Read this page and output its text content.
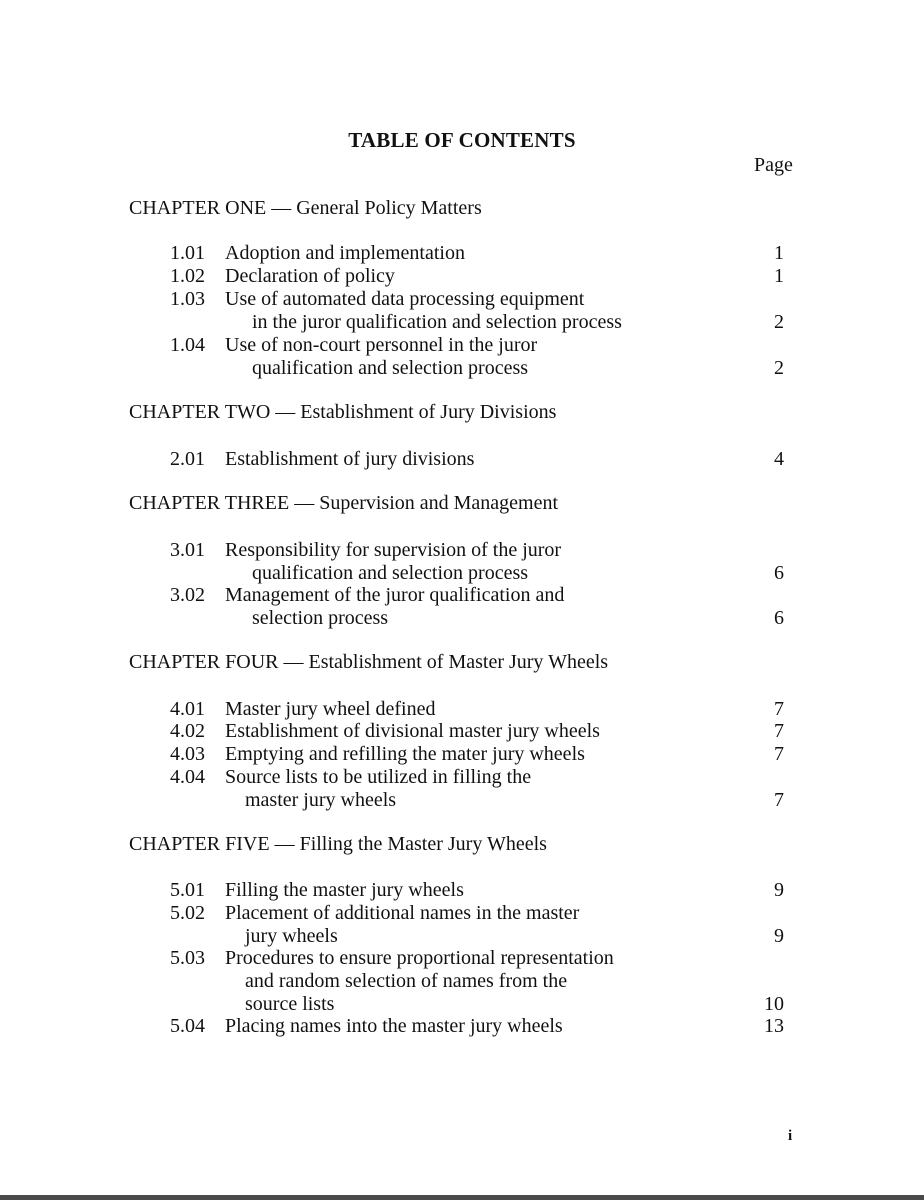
TABLE OF CONTENTS
Page
CHAPTER ONE — General Policy Matters
1.01 Adoption and implementation	1
1.02 Declaration of policy	1
1.03 Use of automated data processing equipment
in the juror qualification and selection process	2
1.04 Use of non-court personnel in the juror
qualification and selection process	2
CHAPTER TWO — Establishment of Jury Divisions
2.01 Establishment of jury divisions	4
CHAPTER THREE — Supervision and Management
3.01 Responsibility for supervision of the juror
qualification and selection process	6
3.02 Management of the juror qualification and
selection process	6
CHAPTER FOUR — Establishment of Master Jury Wheels
4.01 Master jury wheel defined	7
4.02 Establishment of divisional master jury wheels	7
4.03 Emptying and refilling the mater jury wheels	7
4.04 Source lists to be utilized in filling the
master jury wheels	7
CHAPTER FIVE — Filling the Master Jury Wheels
5.01 Filling the master jury wheels	9
5.02 Placement of additional names in the master
jury wheels	9
5.03 Procedures to ensure proportional representation
and random selection of names from the
source lists	10
5.04 Placing names into the master jury wheels	13
i
